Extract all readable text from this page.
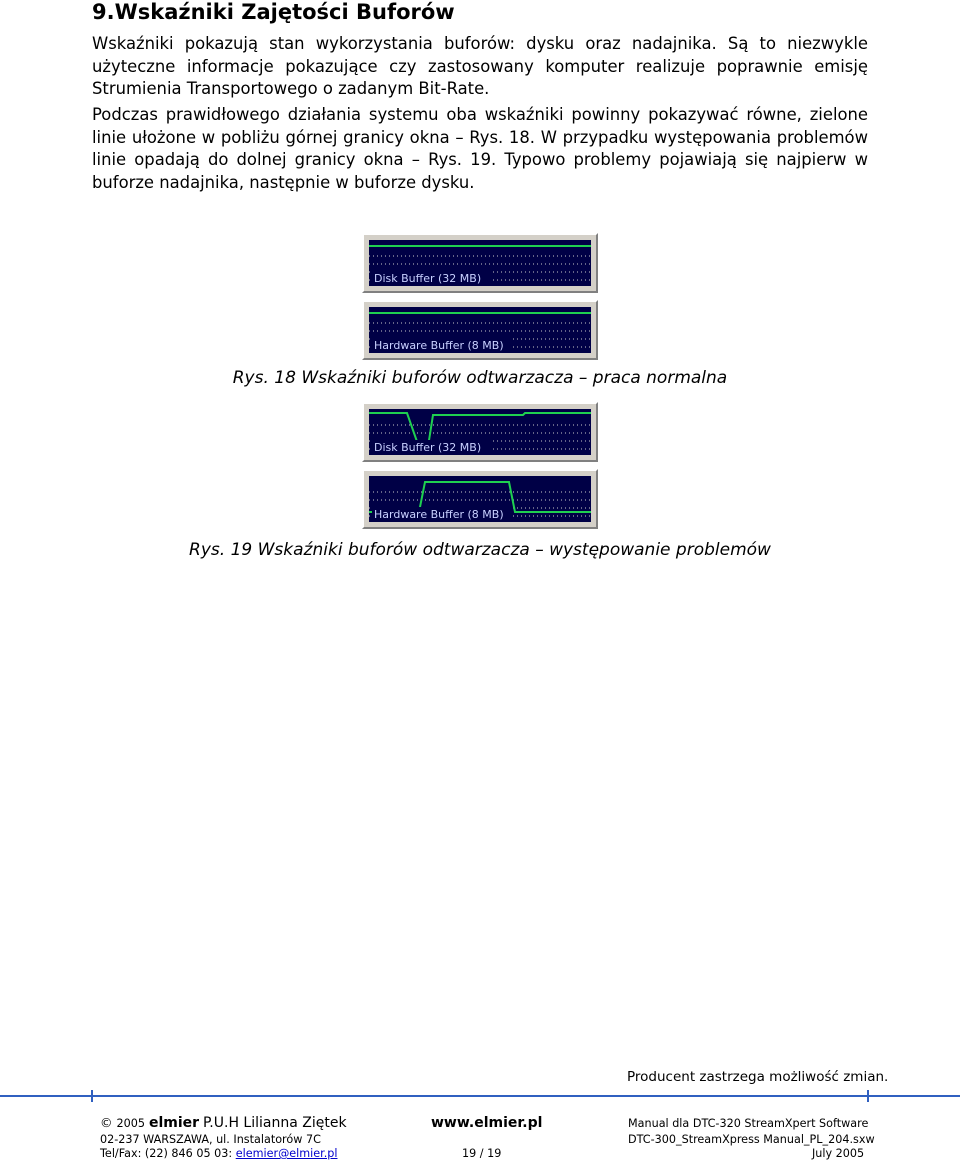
9.Wskaźniki Zajętości Buforów
Wskaźniki pokazują stan wykorzystania buforów: dysku oraz nadajnika. Są to niezwykle użyteczne informacje pokazujące czy zastosowany komputer realizuje poprawnie emisję Strumienia Transportowego o zadanym Bit-Rate.
Podczas prawidłowego działania systemu oba wskaźniki powinny pokazywać równe, zielone linie ułożone w pobliżu górnej granicy okna – Rys. 18. W przypadku występowania problemów linie opadają do dolnej granicy okna – Rys. 19. Typowo problemy pojawiają się najpierw w buforze nadajnika, następnie w buforze dysku.
Disk Buffer (32 MB)
Hardware Buffer (8 MB)
Rys. 18 Wskaźniki buforów odtwarzacza – praca normalna
Disk Buffer (32 MB)
Hardware Buffer (8 MB)
Rys. 19 Wskaźniki buforów odtwarzacza – występowanie problemów
Producent zastrzega możliwość zmian.
© 2005 elmier P.U.H Lilianna Ziętek	www.elmier.pl	Manual dla DTC-320 StreamXpert Software
02-237 WARSZAWA, ul. Instalatorów 7C	DTC-300_StreamXpress Manual_PL_204.sxw
Tel/Fax: (22) 846 05 03: elemier@elmier.pl	19 / 19	July 2005
